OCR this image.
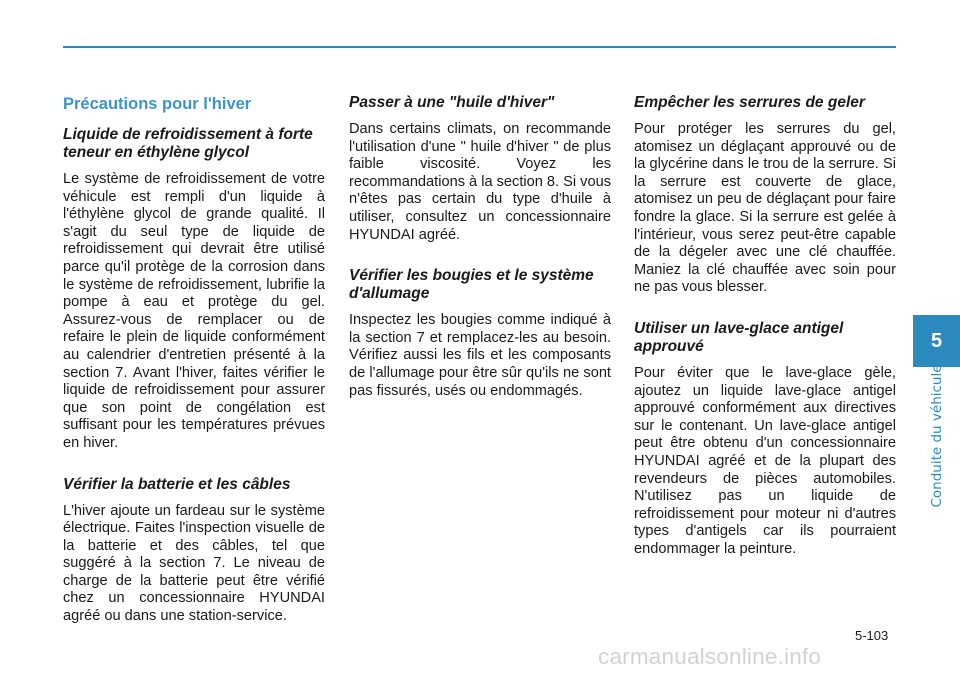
Précautions pour l'hiver
Liquide de refroidissement à forte teneur en éthylène glycol
Le système de refroidissement de votre véhicule est rempli d'un liquide à l'éthylène glycol de grande qualité. Il s'agit du seul type de liquide de refroidissement qui devrait être utilisé parce qu'il protège de la corrosion dans le système de refroidissement, lubrifie la pompe à eau et protège du gel. Assurez-vous de remplacer ou de refaire le plein de liquide conformément au calendrier d'entretien présenté à la section 7. Avant l'hiver, faites vérifier le liquide de refroidissement pour assurer que son point de congélation est suffisant pour les températures prévues en hiver.
Vérifier la batterie et les câbles
L'hiver ajoute un fardeau sur le système électrique. Faites l'inspection visuelle de la batterie et des câbles, tel que suggéré à la section 7. Le niveau de charge de la batterie peut être vérifié chez un concessionnaire HYUNDAI agréé ou dans une station-service.
Passer à une "huile d'hiver"
Dans certains climats, on recommande l'utilisation d'une " huile d'hiver " de plus faible viscosité. Voyez les recommandations à la section 8. Si vous n'êtes pas certain du type d'huile à utiliser, consultez un concessionnaire HYUNDAI agréé.
Vérifier les bougies et le système d'allumage
Inspectez les bougies comme indiqué à la section 7 et remplacez-les au besoin. Vérifiez aussi les fils et les composants de l'allumage pour être sûr qu'ils ne sont pas fissurés, usés ou endommagés.
Empêcher les serrures de geler
Pour protéger les serrures du gel, atomisez un déglaçant approuvé ou de la glycérine dans le trou de la serrure. Si la serrure est couverte de glace, atomisez un peu de déglaçant pour faire fondre la glace. Si la serrure est gelée à l'intérieur, vous serez peut-être capable de la dégeler avec une clé chauffée. Maniez la clé chauffée avec soin pour ne pas vous blesser.
Utiliser un lave-glace antigel approuvé
Pour éviter que le lave-glace gèle, ajoutez un liquide lave-glace antigel approuvé conformément aux directives sur le contenant. Un lave-glace antigel peut être obtenu d'un concessionnaire HYUNDAI agréé et de la plupart des revendeurs de pièces automobiles. N'utilisez pas un liquide de refroidissement pour moteur ni d'autres types d'antigels car ils pourraient endommager la peinture.
5
Conduite du véhicule
5-103
carmanualsonline.info
